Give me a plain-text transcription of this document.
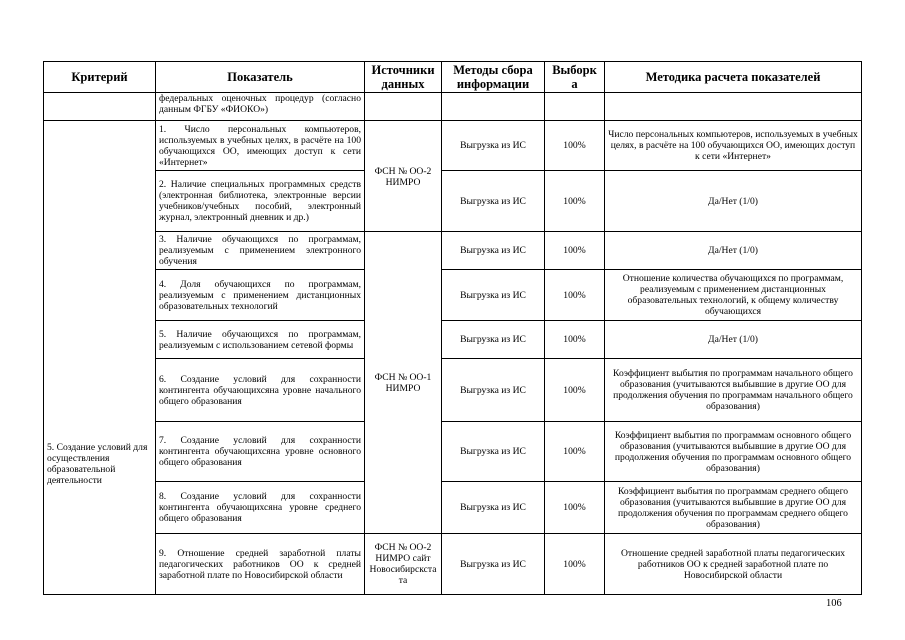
Критерий	Показатель	Источники данных	Методы сбора информации	Выборк а	Методика расчета показателей
	федеральных оценочных процедур (согласно данным ФГБУ «ФИОКО»)				
5. Создание условий для осуществления образовательной деятельности	1. Число персональных компьютеров, используемых в учебных целях, в расчёте на 100 обучающихся ОО, имеющих доступ к сети «Интернет»	ФСН № ОО-2 НИМРО	Выгрузка из ИС	100%	Число персональных компьютеров, используемых в учебных целях, в расчёте на 100 обучающихся ОО, имеющих доступ к сети «Интернет»
	2. Наличие специальных программных средств (электронная библиотека, электронные версии учебников/учебных пособий, электронный журнал, электронный дневник и др.)		Выгрузка из ИС	100%	Да/Нет (1/0)
	3. Наличие обучающихся по программам, реализуемым с применением электронного обучения	ФСН № ОО-1 НИМРО	Выгрузка из ИС	100%	Да/Нет (1/0)
	4. Доля обучающихся по программам, реализуемым с применением дистанционных образовательных технологий		Выгрузка из ИС	100%	Отношение количества обучающихся по программам, реализуемым с применением дистанционных образовательных технологий, к общему количеству обучающихся
	5. Наличие обучающихся по программам, реализуемым с использованием сетевой формы		Выгрузка из ИС	100%	Да/Нет (1/0)
	6. Создание условий для сохранности контингента обучающихсяна уровне начального общего образования		Выгрузка из ИС	100%	Коэффициент выбытия по программам начального общего образования (учитываются выбывшие в другие ОО для продолжения обучения по программам начального общего образования)
	7. Создание условий для сохранности контингента обучающихсяна уровне основного общего образования		Выгрузка из ИС	100%	Коэффициент выбытия по программам основного общего образования (учитываются выбывшие в другие ОО для продолжения обучения по программам основного общего образования)
	8. Создание условий для сохранности контингента обучающихсяна уровне среднего общего образования		Выгрузка из ИС	100%	Коэффициент выбытия по программам среднего общего образования (учитываются выбывшие в другие ОО для продолжения обучения по программам среднего общего образования)
	9. Отношение средней заработной платы педагогических работников ОО к средней заработной плате по Новосибирской области	ФСН № ОО-2 НИМРО сайт Новосибирскста та	Выгрузка из ИС	100%	Отношение средней заработной платы педагогических работников ОО к средней заработной плате по Новосибирской области
106
